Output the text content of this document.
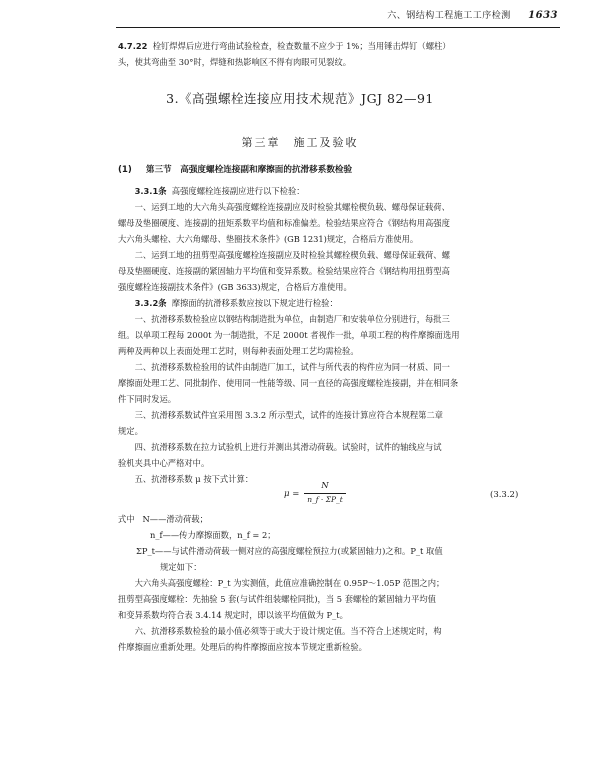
六、钢结构工程施工工序检测 1633

4.7.22 栓钉焊焊后应进行弯曲试验检查，检查数量不应少于 1%；当用锤击焊钉（螺柱）

头，使其弯曲至 30°时，焊缝和热影响区不得有肉眼可见裂纹。

3.《高强螺栓连接应用技术规范》JGJ 82—91
第三章　施工及验收
(1) 第三节　高强度螺栓连接副和摩擦面的抗滑移系数检验

3.3.1条 高强度螺栓连接副应进行以下检验：

一、运到工地的大六角头高强度螺栓连接副应及时检验其螺栓楔负载、螺母保证载荷、

螺母及垫圈硬度、连接副的扭矩系数平均值和标准偏差。检验结果应符合《钢结构用高强度

大六角头螺栓、大六角螺母、垫圈技术条件》(GB 1231)规定，合格后方准使用。

二、运到工地的扭剪型高强度螺栓连接副应及时检验其螺栓楔负载、螺母保证载荷、螺

母及垫圈硬度、连接副的紧固轴力平均值和变异系数。检验结果应符合《钢结构用扭剪型高

强度螺栓连接副技术条件》(GB 3633)规定，合格后方准使用。

3.3.2条 摩擦面的抗滑移系数应按以下规定进行检验：

一、抗滑移系数检验应以钢结构制造批为单位，由制造厂和安装单位分别进行，每批三

组。以单项工程每 2000t 为一制造批，不足 2000t 者视作一批，单项工程的构件摩擦面选用

两种及两种以上表面处理工艺时，则每种表面处理工艺均需检验。

二、抗滑移系数检验用的试件由制造厂加工，试件与所代表的构件应为同一材质、同一

摩擦面处理工艺、同批制作、使用同一性能等级、同一直径的高强度螺栓连接副，并在相同条

件下同时发运。

三、抗滑移系数试件宜采用图 3.3.2 所示型式，试件的连接计算应符合本规程第二章

规定。

四、抗滑移系数在拉力试验机上进行并测出其滑动荷载。试验时，试件的轴线应与试

验机夹具中心严格对中。

五、抗滑移系数 μ 按下式计算：

μ =
N
n_f · ΣP_t	(3.3.2)

式中 N——滑动荷载；

n_f——传力摩擦面数，n_f = 2；

ΣP_t——与试件滑动荷载一侧对应的高强度螺栓预拉力(或紧固轴力)之和。P_t 取值

规定如下：

大六角头高强度螺栓：P_t 为实测值，此值应准确控制在 0.95P～1.05P 范围之内；

扭剪型高强度螺栓：先抽验 5 套(与试件组装螺栓同批)，当 5 套螺栓的紧固轴力平均值

和变异系数均符合表 3.4.14 规定时，即以该平均值做为 P_t。

六、抗滑移系数检验的最小值必须等于或大于设计规定值。当不符合上述规定时，构

件摩擦面应重新处理。处理后的构件摩擦面应按本节规定重新检验。
